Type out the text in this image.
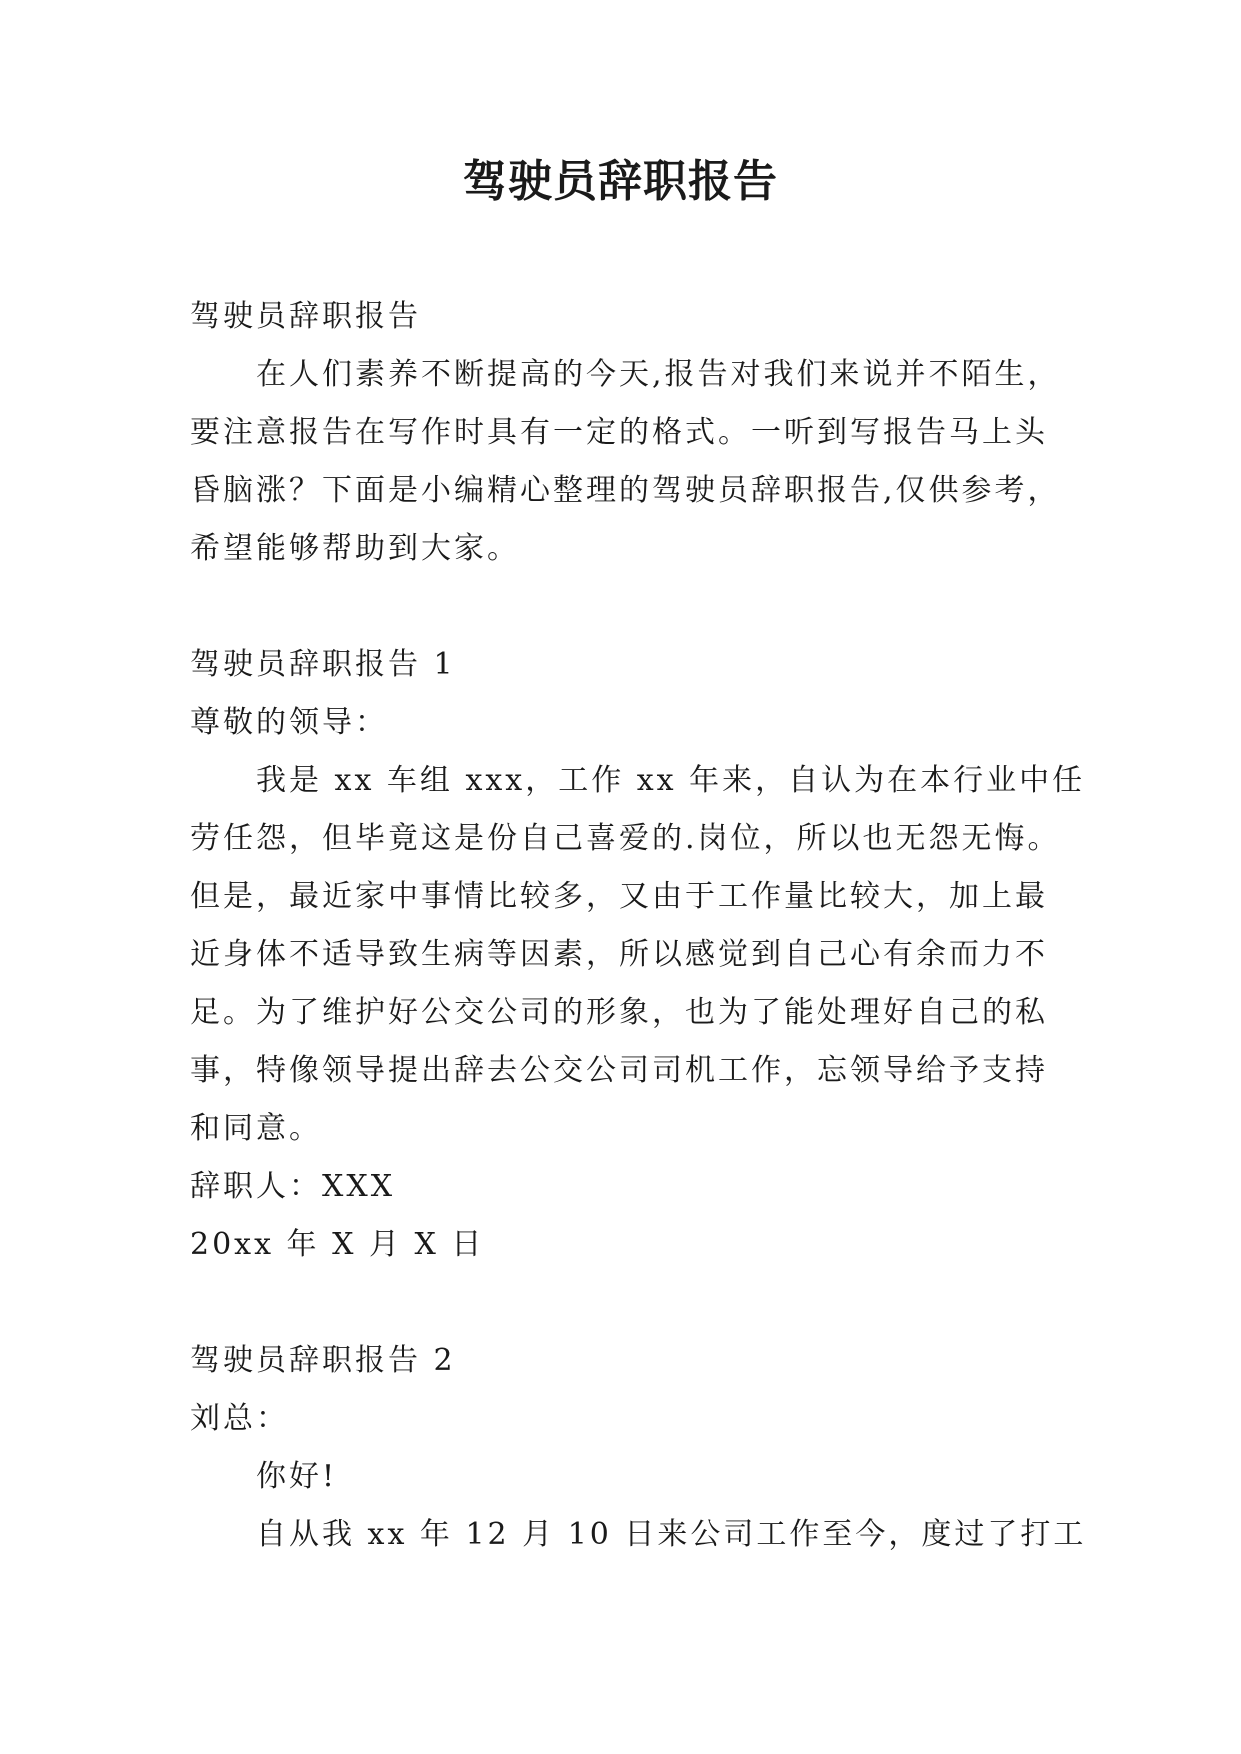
驾驶员辞职报告
驾驶员辞职报告
在人们素养不断提高的今天,报告对我们来说并不陌生，
要注意报告在写作时具有一定的格式。一听到写报告马上头
昏脑涨？下面是小编精心整理的驾驶员辞职报告,仅供参考，
希望能够帮助到大家。
驾驶员辞职报告 1
尊敬的领导：
我是 xx 车组 xxx，工作 xx 年来，自认为在本行业中任
劳任怨，但毕竟这是份自己喜爱的.岗位，所以也无怨无悔。
但是，最近家中事情比较多，又由于工作量比较大，加上最
近身体不适导致生病等因素，所以感觉到自己心有余而力不
足。为了维护好公交公司的形象，也为了能处理好自己的私
事，特像领导提出辞去公交公司司机工作，忘领导给予支持
和同意。
辞职人：XXX
20xx 年 X 月 X 日
驾驶员辞职报告 2
刘总：
你好!
自从我 xx 年 12 月 10 日来公司工作至今，度过了打工
